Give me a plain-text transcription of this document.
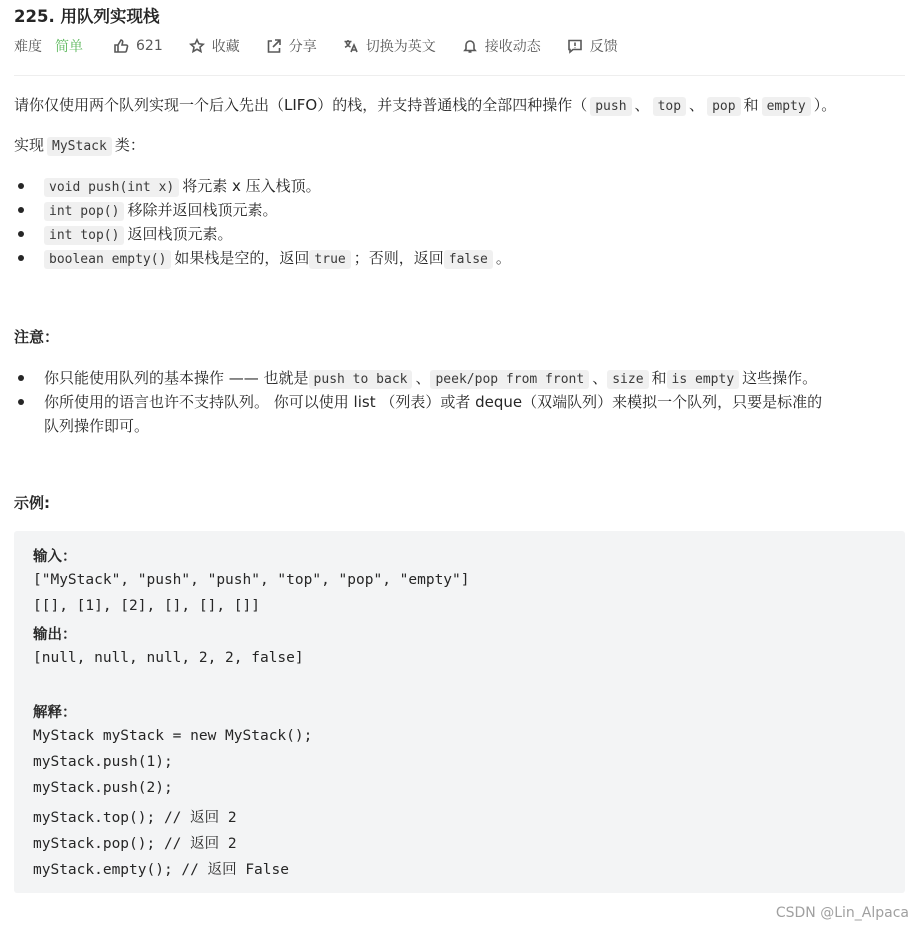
225. 用队列实现栈
难度 简单	621	收藏	分享	切换为英文	接收动态	反馈
请你仅使用两个队列实现一个后入先出（LIFO）的栈，并支持普通栈的全部四种操作（ push 、 top 、 pop 和 empty ）。
实现 MyStack 类：
void push(int x) 将元素 x 压入栈顶。
int pop() 移除并返回栈顶元素。
int top() 返回栈顶元素。
boolean empty() 如果栈是空的，返回 true ；否则，返回 false 。
注意：
你只能使用队列的基本操作 —— 也就是 push to back 、 peek/pop from front 、 size 和 is empty 这些操作。
你所使用的语言也许不支持队列。 你可以使用 list （列表）或者 deque（双端队列）来模拟一个队列，只要是标准的
队列操作即可。
示例:
输入：
["MyStack", "push", "push", "top", "pop", "empty"]
[[], [1], [2], [], [], []]
输出：
[null, null, null, 2, 2, false]
解释：
MyStack myStack = new MyStack();
myStack.push(1);
myStack.push(2);
myStack.top(); // 返回 2
myStack.pop(); // 返回 2
myStack.empty(); // 返回 False
CSDN @Lin_Alpaca
